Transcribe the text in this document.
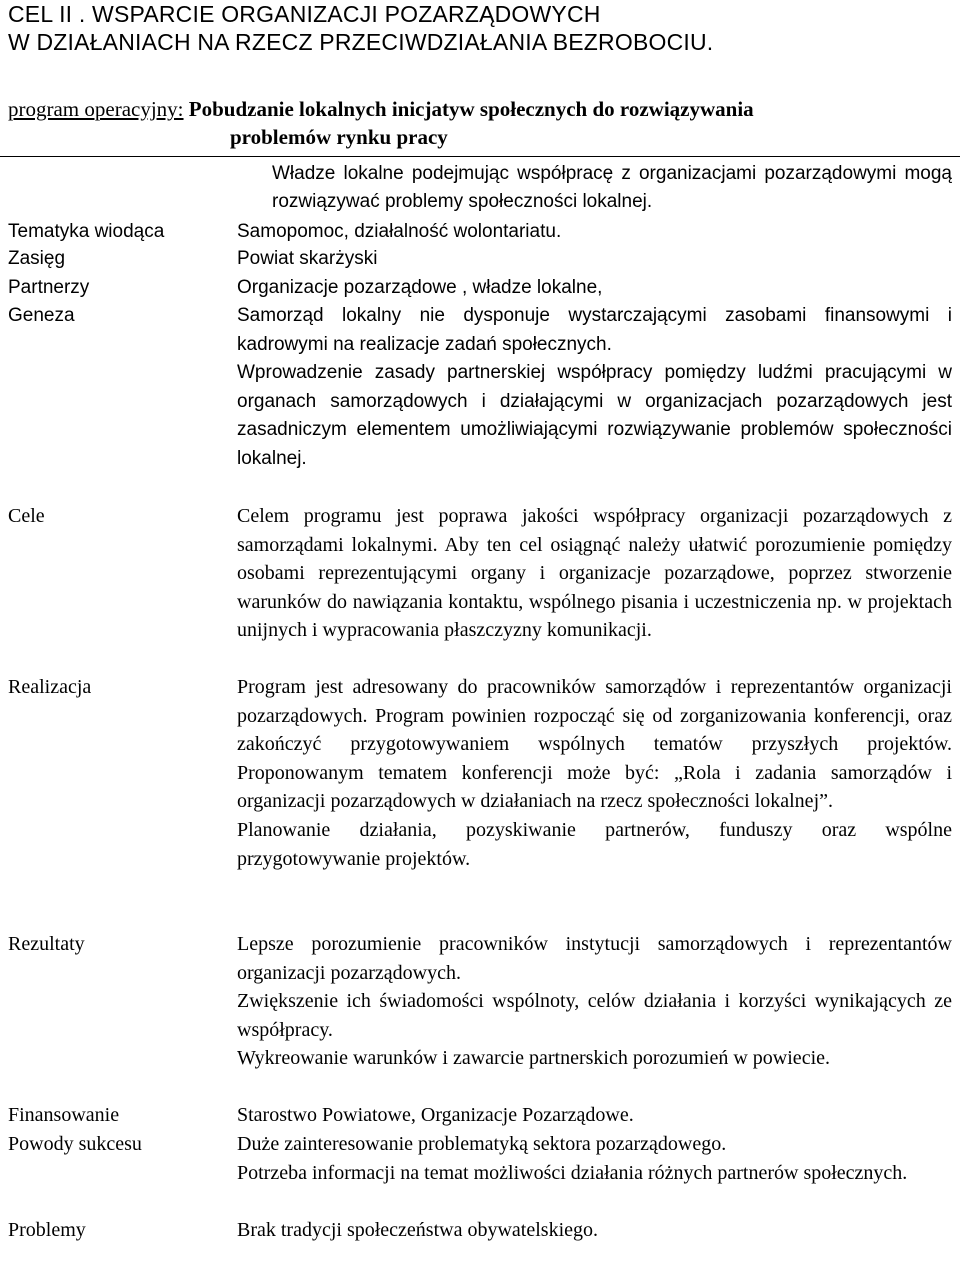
CEL II . WSPARCIE ORGANIZACJI POZARZĄDOWYCH
W DZIAŁANIACH NA RZECZ PRZECIWDZIAŁANIA BEZROBOCIU.
program operacyjny: Pobudzanie lokalnych inicjatyw społecznych do rozwiązywania
problemów rynku pracy

Władze lokalne podejmując współpracę z organizacjami pozarządowymi mogą rozwiązywać problemy społeczności lokalnej.

Tematyka wiodąca	Samopomoc, działalność wolontariatu.
Zasięg	Powiat skarżyski
Partnerzy	Organizacje pozarządowe , władze lokalne,
Geneza	Samorząd lokalny nie dysponuje wystarczającymi zasobami finansowymi i kadrowymi na realizacje zadań społecznych.

Wprowadzenie zasady partnerskiej współpracy pomiędzy ludźmi pracującymi w organach samorządowych i działającymi w organizacjach pozarządowych jest zasadniczym elementem umożliwiającymi rozwiązywanie problemów społeczności lokalnej.

Cele	Celem programu jest poprawa jakości współpracy organizacji pozarządowych z samorządami lokalnymi. Aby ten cel osiągnąć należy ułatwić porozumienie pomiędzy osobami reprezentującymi organy i organizacje pozarządowe, poprzez stworzenie warunków do nawiązania kontaktu, wspólnego pisania i uczestniczenia np. w projektach unijnych i wypracowania płaszczyzny komunikacji.

Realizacja	Program jest adresowany do pracowników samorządów i reprezentantów organizacji pozarządowych. Program powinien rozpocząć się od zorganizowania konferencji, oraz zakończyć przygotowywaniem wspólnych tematów przyszłych projektów. Proponowanym tematem konferencji może być: „Rola i zadania samorządów i organizacji pozarządowych w działaniach na rzecz społeczności lokalnej”.

Planowanie działania, pozyskiwanie partnerów, funduszy oraz wspólne przygotowywanie projektów.

Rezultaty	Lepsze porozumienie pracowników instytucji samorządowych i reprezentantów organizacji pozarządowych.

Zwiększenie ich świadomości wspólnoty, celów działania i korzyści wynikających ze współpracy.

Wykreowanie warunków i zawarcie partnerskich porozumień w powiecie.

Finansowanie	Starostwo Powiatowe, Organizacje Pozarządowe.
Powody sukcesu	Duże zainteresowanie problematyką sektora pozarządowego.

Potrzeba informacji na temat możliwości działania różnych partnerów społecznych.

Problemy	Brak tradycji społeczeństwa obywatelskiego.
